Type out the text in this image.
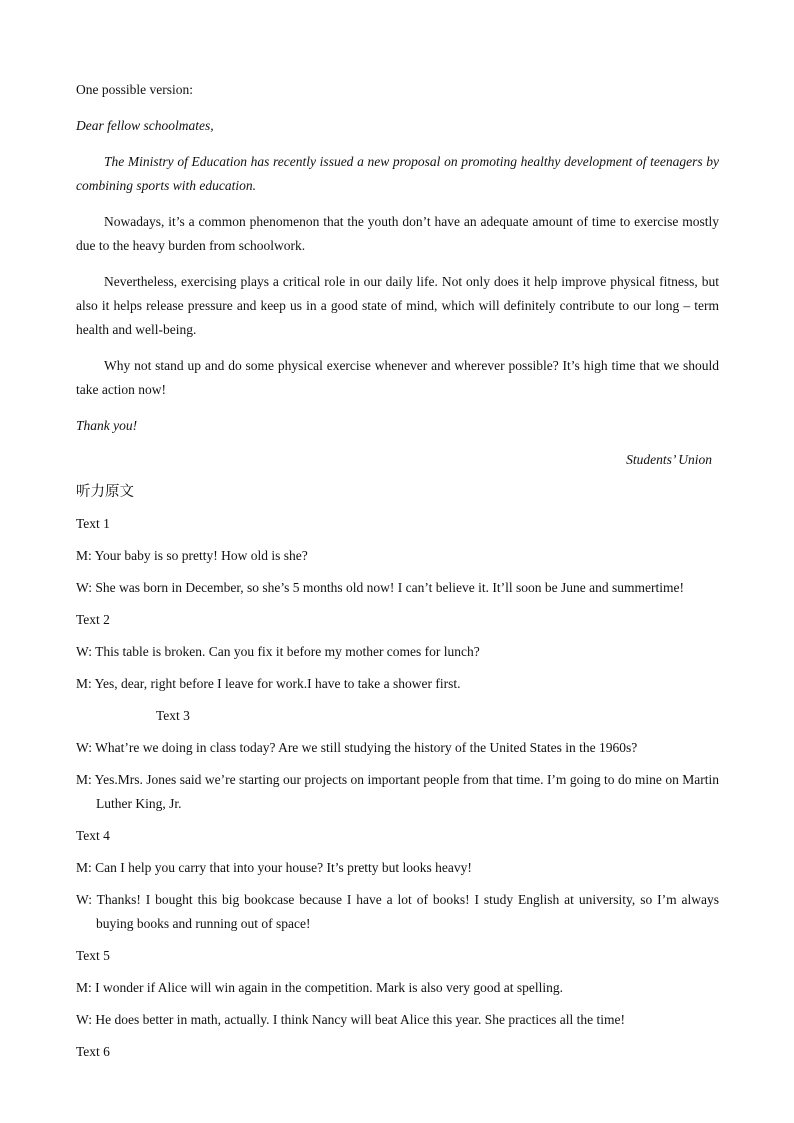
One possible version:

Dear fellow schoolmates,

The Ministry of Education has recently issued a new proposal on promoting healthy development of teenagers by combining sports with education.

Nowadays, it’s a common phenomenon that the youth don’t have an adequate amount of time to exercise mostly due to the heavy burden from schoolwork.

Nevertheless, exercising plays a critical role in our daily life. Not only does it help improve physical fitness, but also it helps release pressure and keep us in a good state of mind, which will definitely contribute to our long – term health and well-being.

Why not stand up and do some physical exercise whenever and wherever possible? It’s high time that we should take action now!

Thank you!

Students’ Union

听力原文

Text 1

M: Your baby is so pretty! How old is she?

W: She was born in December, so she’s 5 months old now! I can’t believe it. It’ll soon be June and summertime!

Text 2

W: This table is broken. Can you fix it before my mother comes for lunch?

M: Yes, dear, right before I leave for work.I have to take a shower first.

Text 3

W: What’re we doing in class today? Are we still studying the history of the United States in the 1960s?

M: Yes.Mrs. Jones said we’re starting our projects on important people from that time. I’m going to do mine on Martin Luther King, Jr.

Text 4

M: Can I help you carry that into your house? It’s pretty but looks heavy!

W: Thanks! I bought this big bookcase because I have a lot of books! I study English at university, so I’m always buying books and running out of space!

Text 5

M: I wonder if Alice will win again in the competition. Mark is also very good at spelling.

W: He does better in math, actually. I think Nancy will beat Alice this year. She practices all the time!

Text 6
